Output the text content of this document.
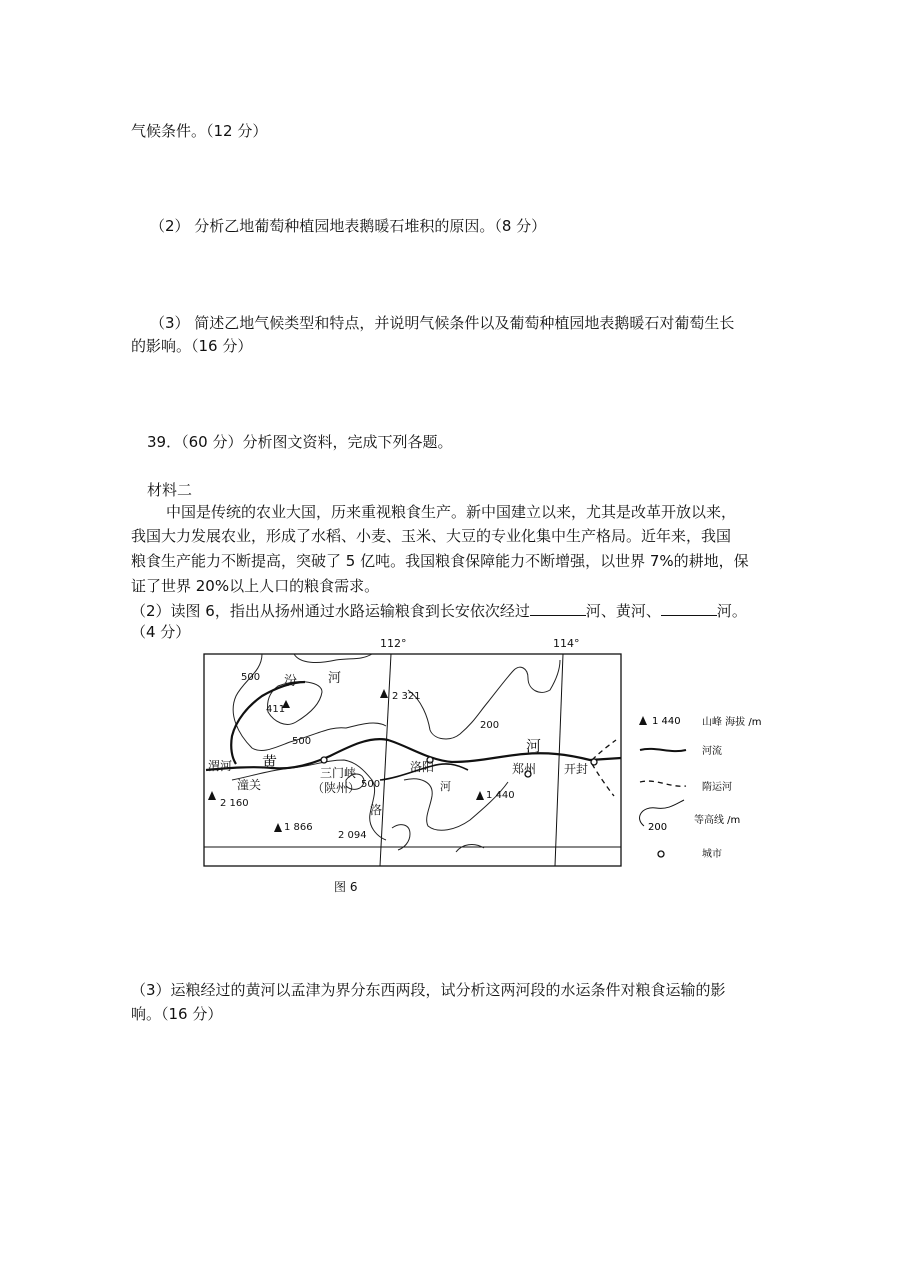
气候条件。（12 分）
（2） 分析乙地葡萄种植园地表鹅暖石堆积的原因。（8 分）
（3） 简述乙地气候类型和特点，并说明气候条件以及葡萄种植园地表鹅暖石对葡萄生长
的影响。（16 分）
39．（60 分）分析图文资料，完成下列各题。
材料二
中国是传统的农业大国，历来重视粮食生产。新中国建立以来，尤其是改革开放以来，
我国大力发展农业，形成了水稻、小麦、玉米、大豆的专业化集中生产格局。近年来，我国
粮食生产能力不断提高，突破了 5 亿吨。我国粮食保障能力不断增强，以世界 7%的耕地，保
证了世界 20%以上人口的粮食需求。
（2）读图 6，指出从扬州通过水路运输粮食到长安依次经过	河、黄河、	河。
（4 分）
112°	114°
汾 河
黄
渭河
潼关
三门峡
（陕州）
洛
洛阳
河
河
郑州 开封
500
411
2 321
200
500
2 160
500
1 440
1 866
2 094
1 440 山峰 海拔 /m
河流
隋运河
200
等高线 /m
城市
图 6
（3）运粮经过的黄河以孟津为界分东西两段，试分析这两河段的水运条件对粮食运输的影
响。（16 分）
